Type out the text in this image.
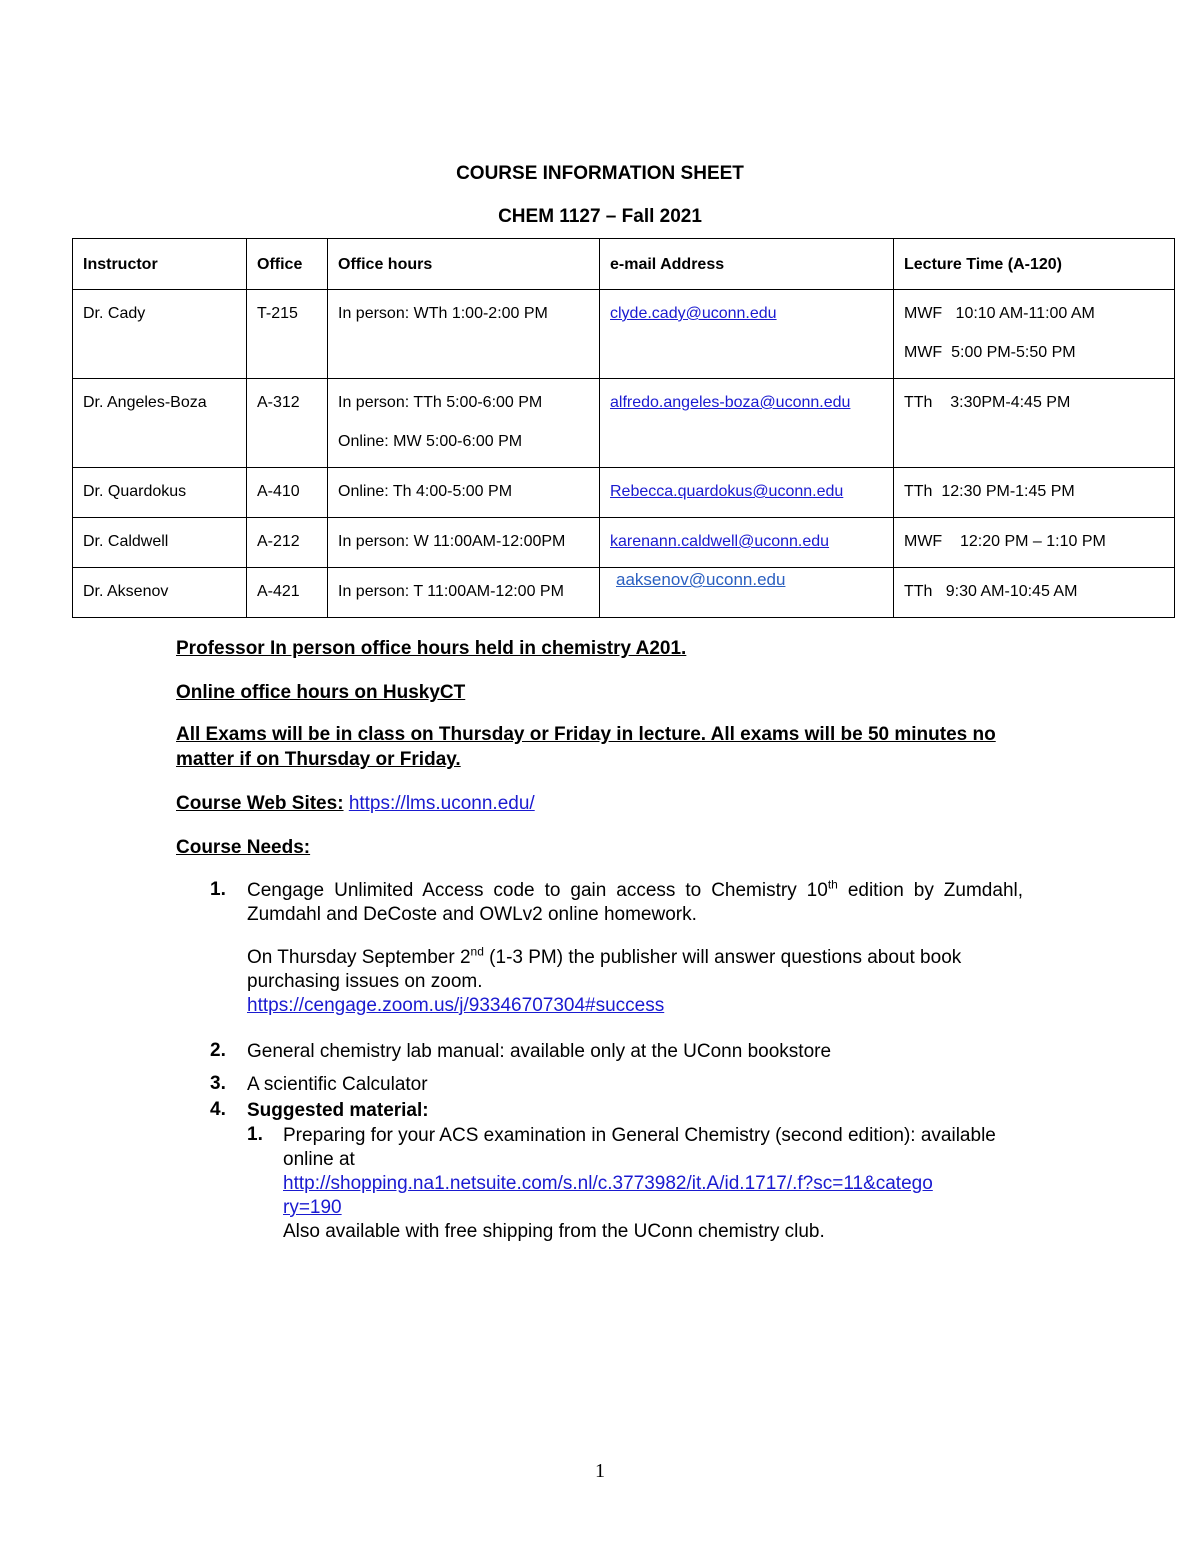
COURSE INFORMATION SHEET
CHEM 1127 – Fall 2021
Instructor	Office	Office hours	e-mail Address	Lecture Time (A-120)

Dr. Cady	T-215	In person: WTh 1:00-2:00 PM	clyde.cady@uconn.edu	MWF   10:10 AM-11:00 AM
MWF  5:00 PM-5:50 PM

Dr. Angeles-Boza	A-312	In person: TTh 5:00-6:00 PM
Online: MW 5:00-6:00 PM	alfredo.angeles-boza@uconn.edu	TTh    3:30PM-4:45 PM

Dr. Quardokus	A-410	Online: Th 4:00-5:00 PM	Rebecca.quardokus@uconn.edu	TTh  12:30 PM-1:45 PM

Dr. Caldwell	A-212	In person: W 11:00AM-12:00PM	karenann.caldwell@uconn.edu	MWF    12:20 PM – 1:10 PM

Dr. Aksenov	A-421	In person: T 11:00AM-12:00 PM	aaksenov@uconn.edu	TTh   9:30 AM-10:45 AM
Professor In person office hours held in chemistry A201.
Online office hours on HuskyCT
All Exams will be in class on Thursday or Friday in lecture. All exams will be 50 minutes no matter if on Thursday or Friday.
Course Web Sites: https://lms.uconn.edu/
Course Needs:
1. Cengage Unlimited Access code to gain access to Chemistry 10th edition by Zumdahl, Zumdahl and DeCoste and OWLv2 online homework.
On Thursday September 2nd (1-3 PM) the publisher will answer questions about book purchasing issues on zoom.
https://cengage.zoom.us/j/93346707304#success
2. General chemistry lab manual: available only at the UConn bookstore
3. A scientific Calculator
4. Suggested material:
1. Preparing for your ACS examination in General Chemistry (second edition): available online at
http://shopping.na1.netsuite.com/s.nl/c.3773982/it.A/id.1717/.f?sc=11&catego
ry=190
Also available with free shipping from the UConn chemistry club.
1
